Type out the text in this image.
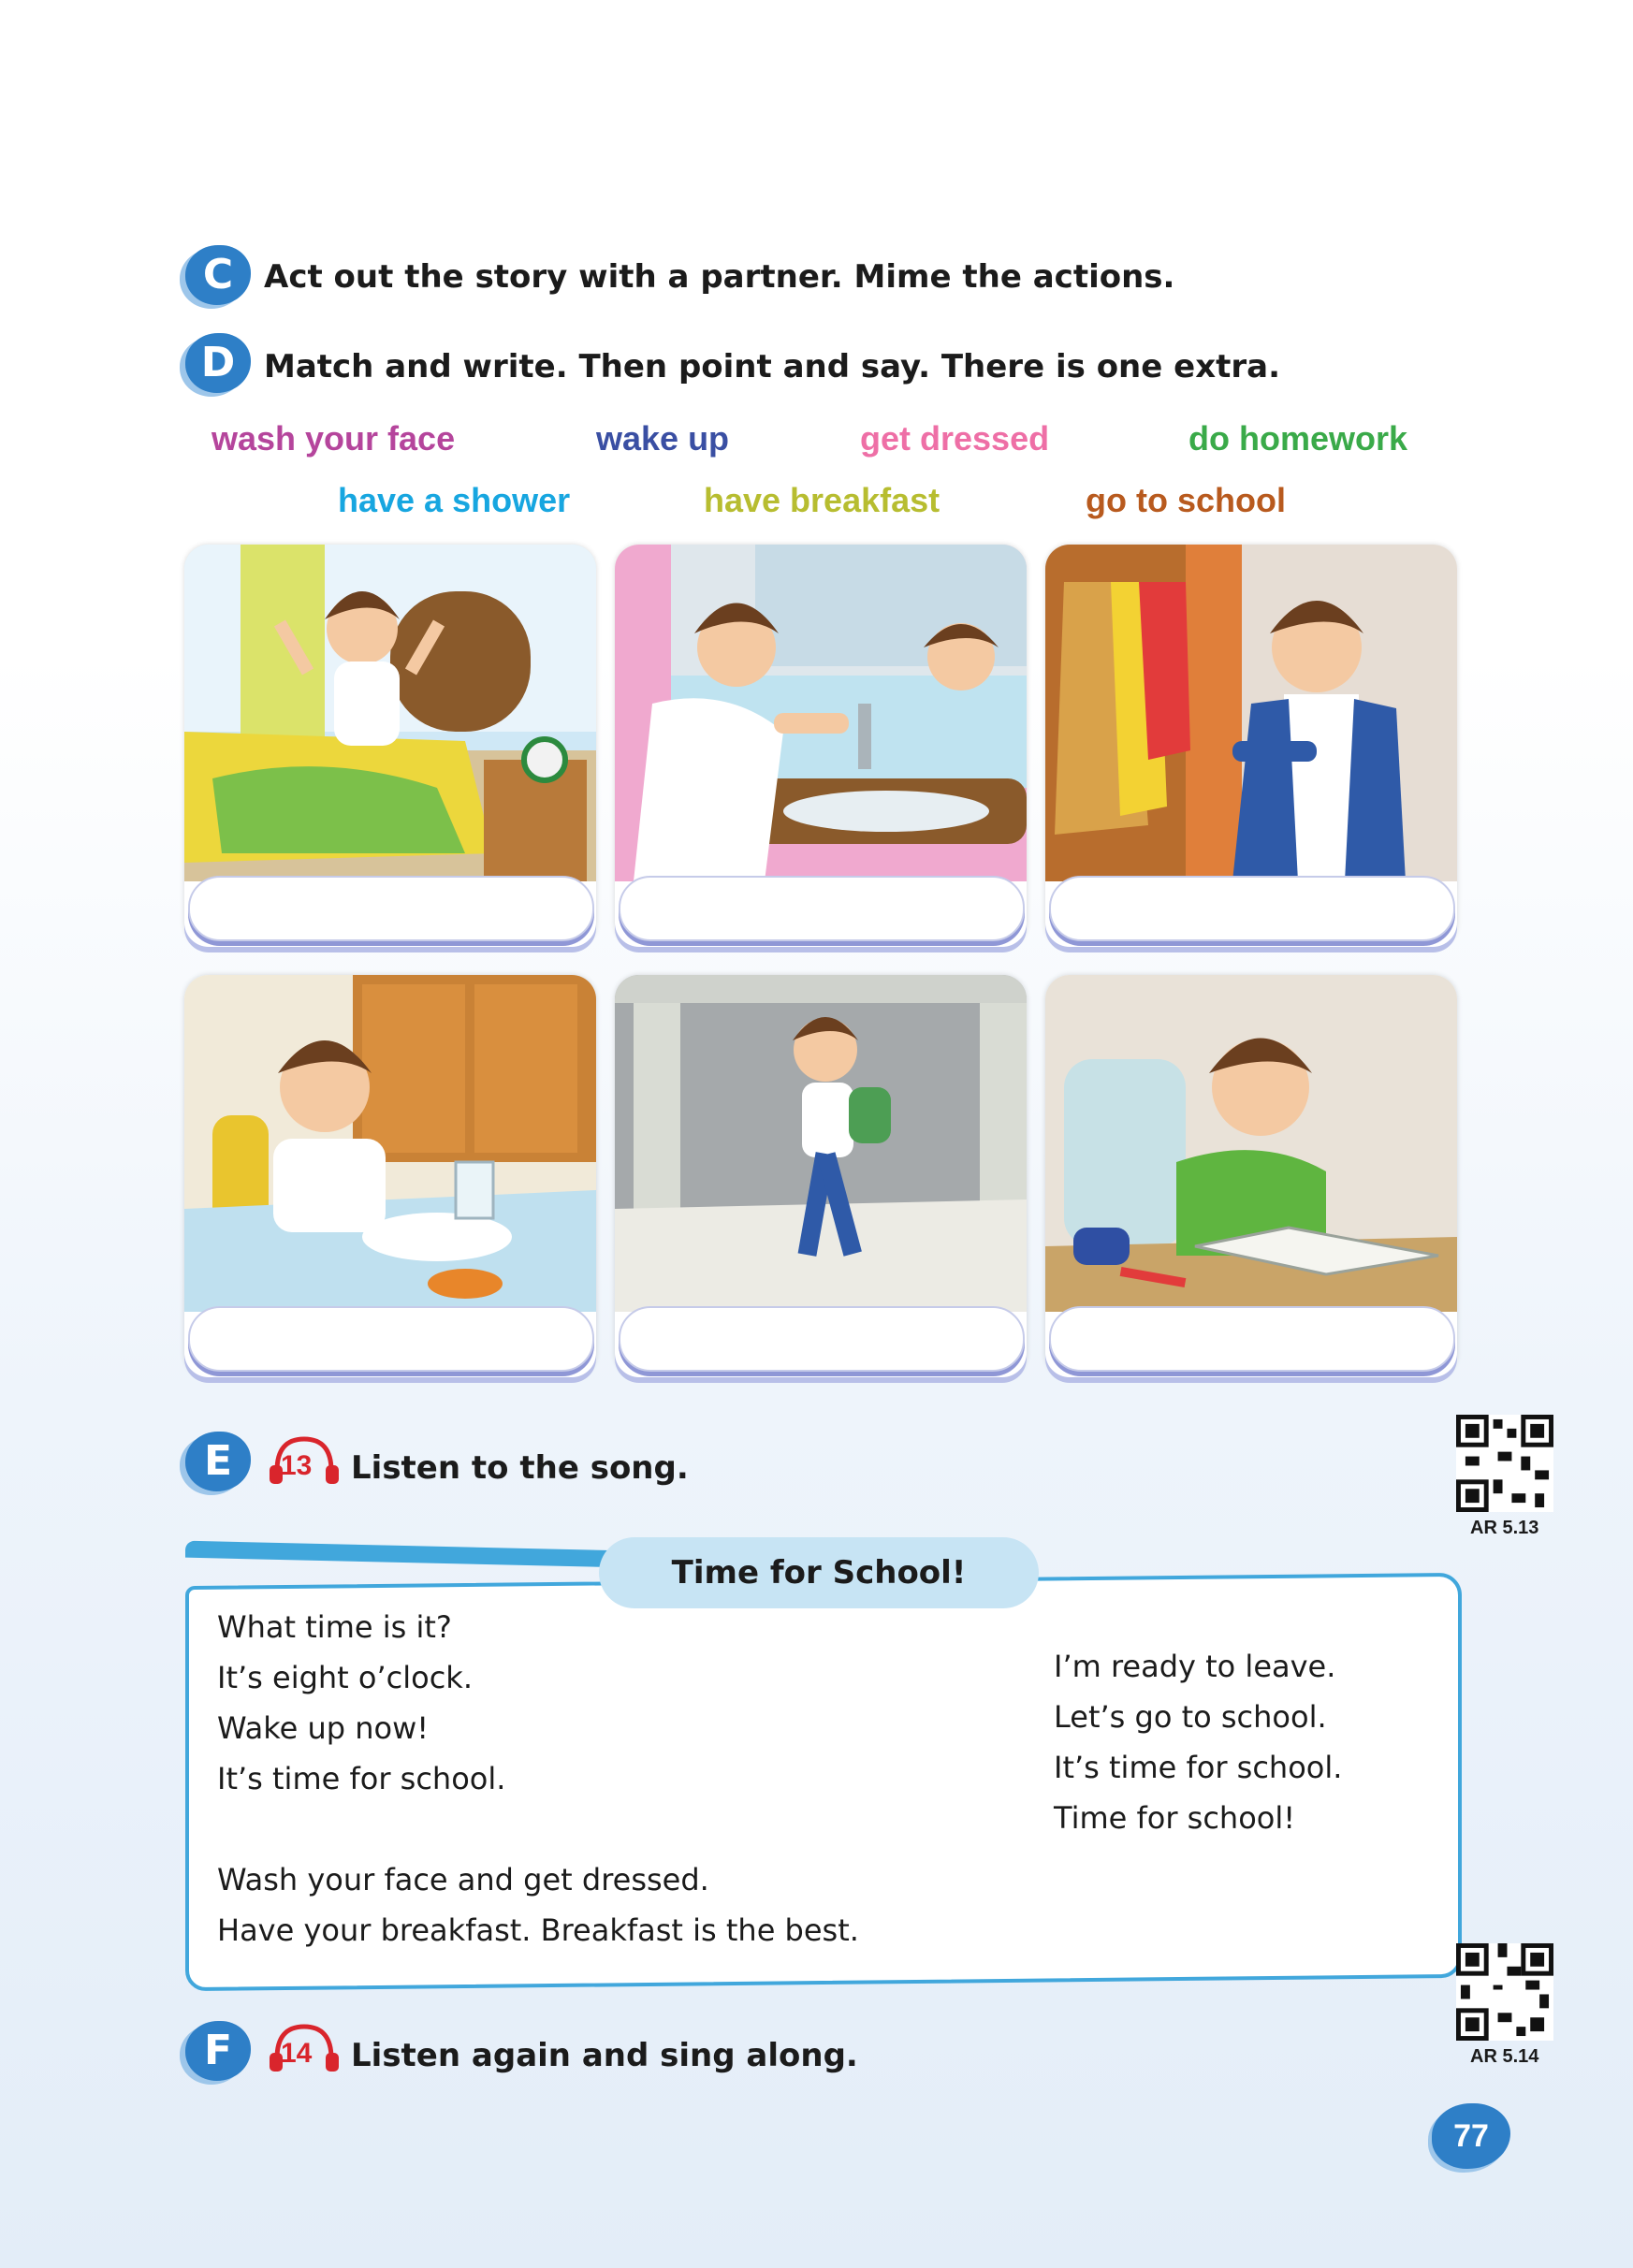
C Act out the story with a partner. Mime the actions.
D Match and write. Then point and say. There is one extra.
wash your face	wake up	get dressed	do homework
have a shower	have breakfast	go to school
E	13 Listen to the song.
AR 5.13
Time for School!
What time is it?
It’s eight o’clock.
Wake up now!
It’s time for school.
Wash your face and get dressed.
Have your breakfast. Breakfast is the best.
I’m ready to leave.
Let’s go to school.
It’s time for school.
Time for school!
AR 5.14
F	14 Listen again and sing along.
77
